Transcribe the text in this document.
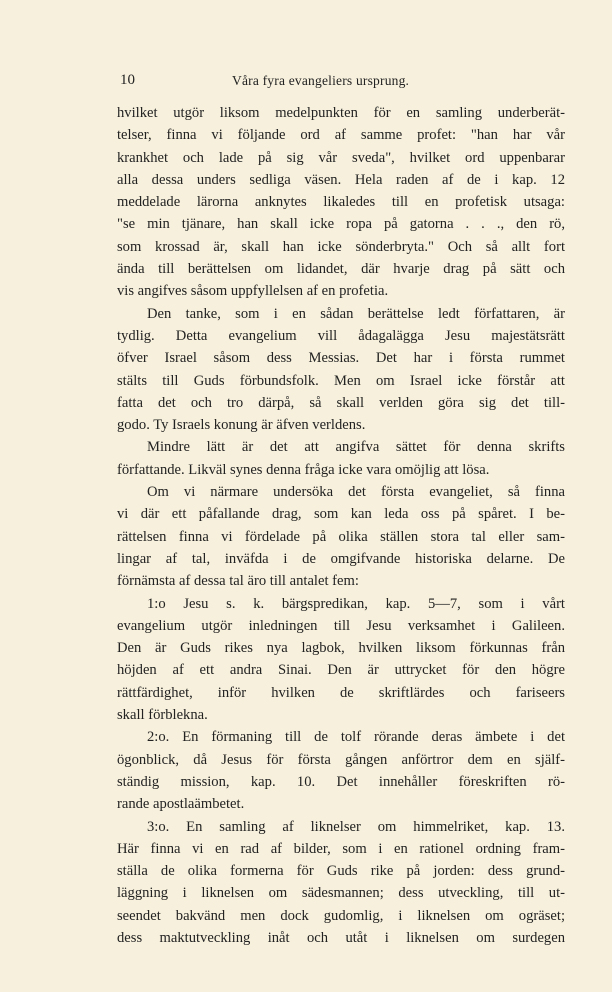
10	Våra fyra evangeliers ursprung.
hvilket utgör liksom medelpunkten för en samling underberät-
telser, finna vi följande ord af samme profet: "han har vår
krankhet och lade på sig vår sveda", hvilket ord uppenbarar
alla dessa unders sedliga väsen. Hela raden af de i kap. 12
meddelade lärorna anknytes likaledes till en profetisk utsaga:
"se min tjänare, han skall icke ropa på gatorna . . ., den rö,
som krossad är, skall han icke sönderbryta." Och så allt fort
ända till berättelsen om lidandet, där hvarje drag på sätt och
vis angifves såsom uppfyllelsen af en profetia.
Den tanke, som i en sådan berättelse ledt författaren, är
tydlig. Detta evangelium vill ådagalägga Jesu majestätsrätt
öfver Israel såsom dess Messias. Det har i första rummet
stälts till Guds förbundsfolk. Men om Israel icke förstår att
fatta det och tro därpå, så skall verlden göra sig det till-
godo. Ty Israels konung är äfven verldens.
Mindre lätt är det att angifva sättet för denna skrifts
författande. Likväl synes denna fråga icke vara omöjlig att lösa.
Om vi närmare undersöka det första evangeliet, så finna
vi där ett påfallande drag, som kan leda oss på spåret. I be-
rättelsen finna vi fördelade på olika ställen stora tal eller sam-
lingar af tal, inväfda i de omgifvande historiska delarne. De
förnämsta af dessa tal äro till antalet fem:
1:o Jesu s. k. bärgspredikan, kap. 5—7, som i vårt
evangelium utgör inledningen till Jesu verksamhet i Galileen.
Den är Guds rikes nya lagbok, hvilken liksom förkunnas från
höjden af ett andra Sinai. Den är uttrycket för den högre
rättfärdighet, inför hvilken de skriftlärdes och fariseers
skall förblekna.
2:o. En förmaning till de tolf rörande deras ämbete i det
ögonblick, då Jesus för första gången anförtror dem en själf-
ständig mission, kap. 10. Det innehåller föreskriften rö-
rande apostlaämbetet.
3:o. En samling af liknelser om himmelriket, kap. 13.
Här finna vi en rad af bilder, som i en rationel ordning fram-
ställa de olika formerna för Guds rike på jorden: dess grund-
läggning i liknelsen om sädesmannen; dess utveckling, till ut-
seendet bakvänd men dock gudomlig, i liknelsen om ogräset;
dess maktutveckling inåt och utåt i liknelsen om surdegen
